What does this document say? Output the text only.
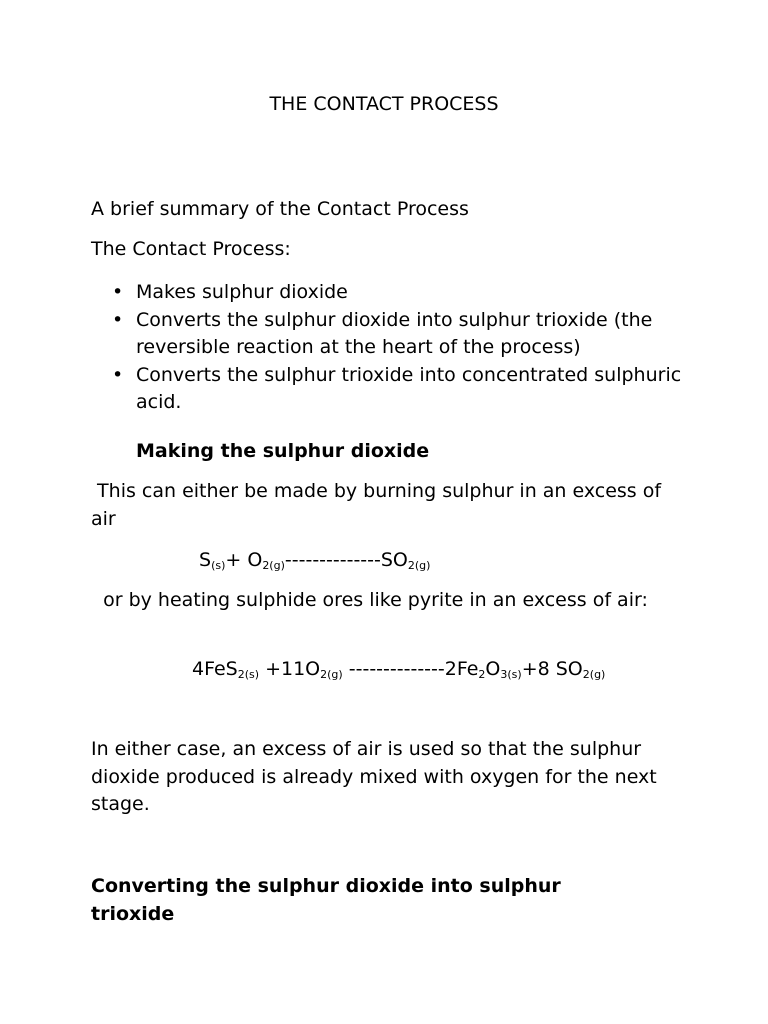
THE CONTACT PROCESS
A brief summary of the Contact Process
The Contact Process:
• Makes sulphur dioxide
• Converts the sulphur dioxide into sulphur trioxide (the reversible reaction at the heart of the process)
• Converts the sulphur trioxide into concentrated sulphuric acid.
Making the sulphur dioxide
This can either be made by burning sulphur in an excess of air
$S_{(s)}+ O_{2(g)}--------------SO_{2(g)}$
or by heating sulphide ores like pyrite in an excess of air:
$4FeS_{2(s)} +11O_{2(g)}$ $--------------2Fe_2O_{3(s)}+8$ $SO_{2(g)}$
In either case, an excess of air is used so that the sulphur dioxide produced is already mixed with oxygen for the next stage.
Converting the sulphur dioxide into sulphur trioxide
